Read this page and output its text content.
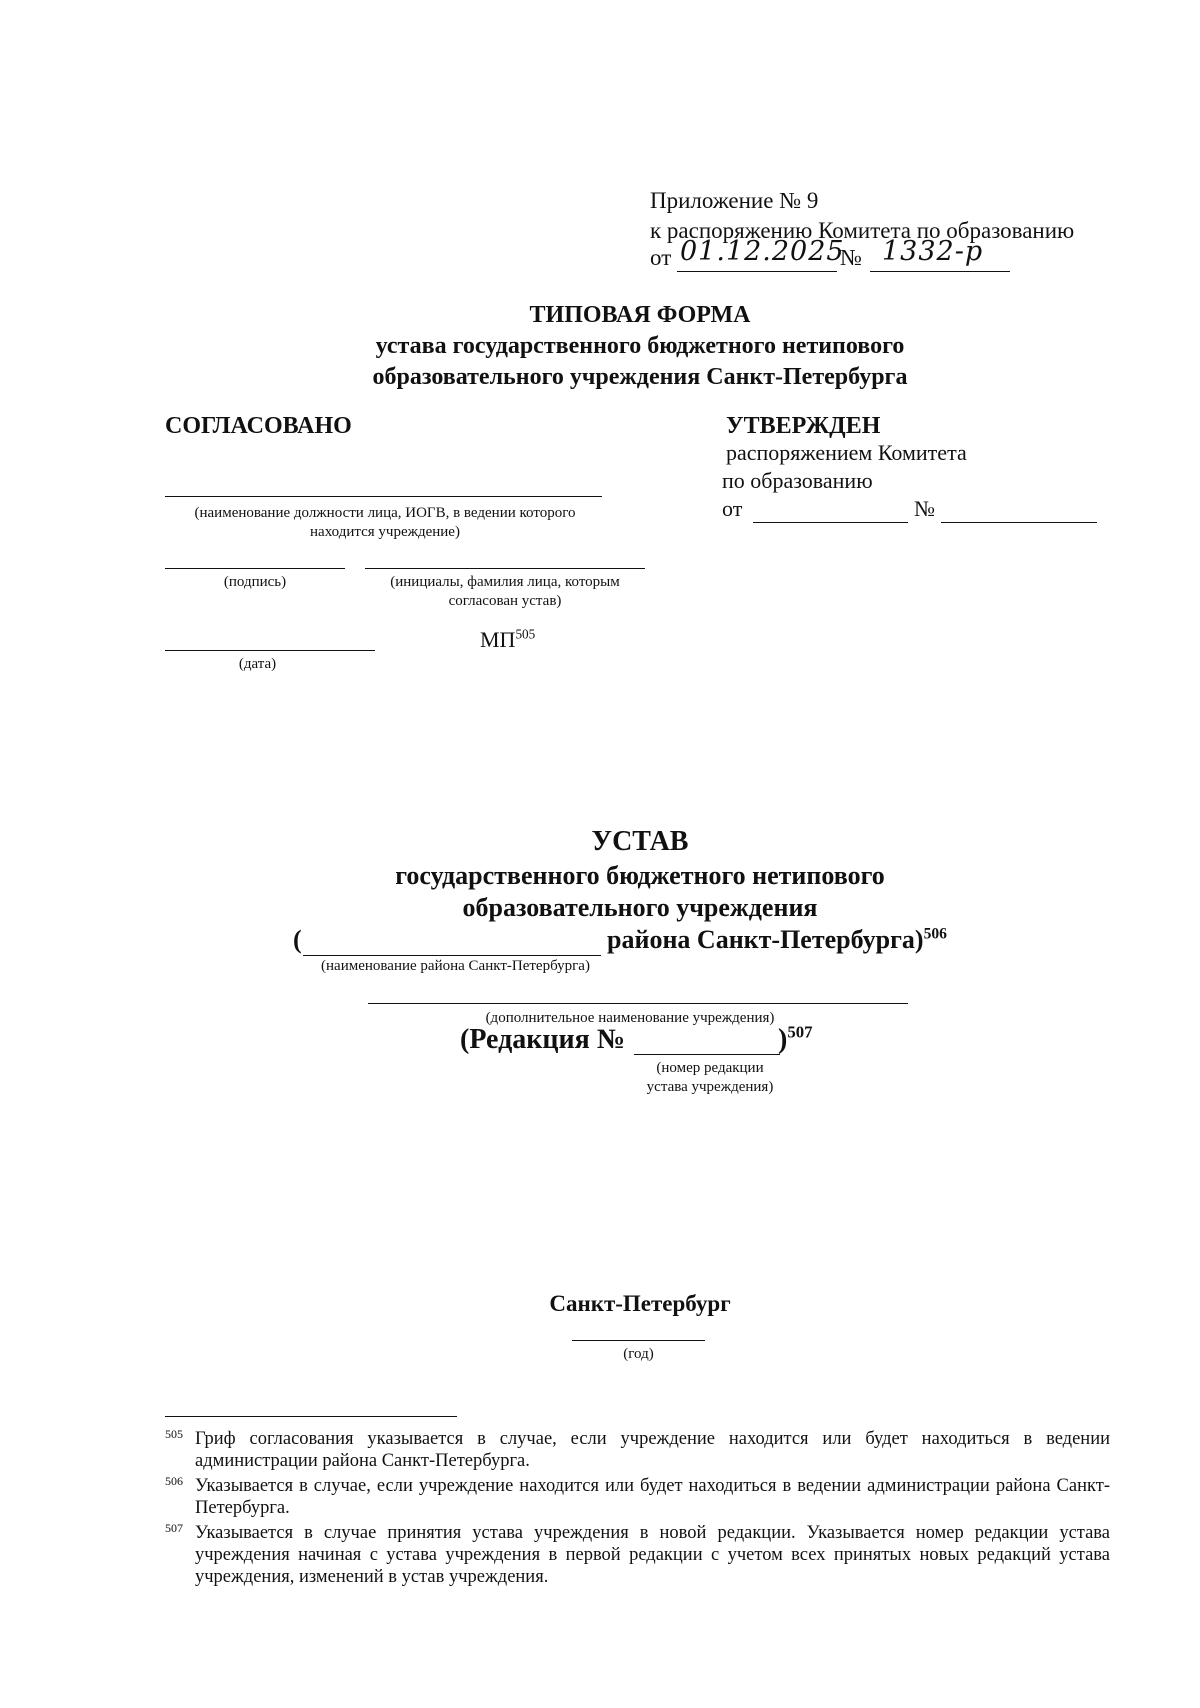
Приложение № 9
к распоряжению Комитета по образованию
от 01.12.2025
№ 1332-р
ТИПОВАЯ ФОРМА
устава государственного бюджетного нетипового
образовательного учреждения Санкт-Петербурга
СОГЛАСОВАНО
(наименование должности лица, ИОГВ, в ведении которого находится учреждение)
(подпись)	(инициалы, фамилия лица, которым согласован устав)
МП$^{505}$
(дата)
УТВЕРЖДЕН
распоряжением Комитета
по образованию
от	№
УСТАВ
государственного бюджетного нетипового
образовательного учреждения
(	района Санкт-Петербурга)$^{506}$
(наименование района Санкт-Петербурга)
(дополнительное наименование учреждения)
(Редакция №	)$^{507}$
(номер редакции
устава учреждения)
Санкт-Петербург
(год)
505 Гриф согласования указывается в случае, если учреждение находится или будет находиться в ведении администрации района Санкт-Петербурга.
506 Указывается в случае, если учреждение находится или будет находиться в ведении администрации района Санкт-Петербурга.
507 Указывается в случае принятия устава учреждения в новой редакции. Указывается номер редакции устава учреждения начиная с устава учреждения в первой редакции с учетом всех принятых новых редакций устава учреждения, изменений в устав учреждения.
